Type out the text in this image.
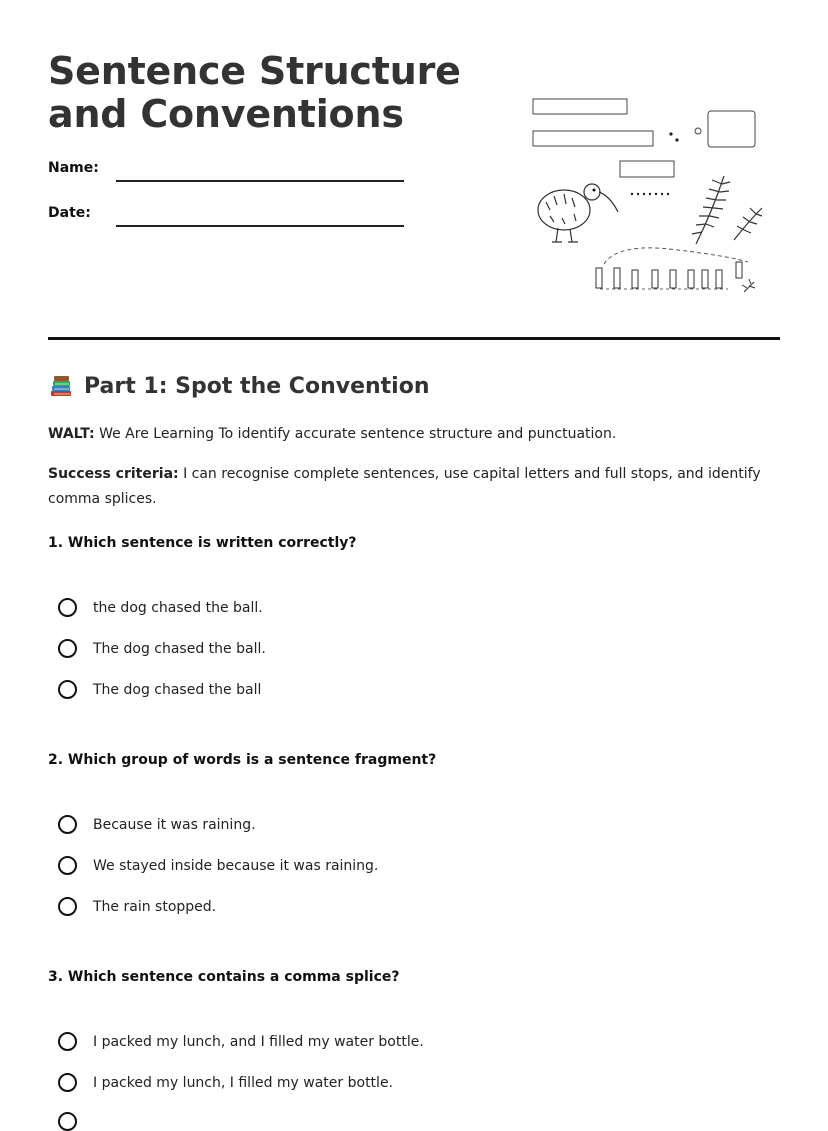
Sentence Structure and Conventions
Name:
Date:
Part 1: Spot the Convention
WALT: We Are Learning To identify accurate sentence structure and punctuation.
Success criteria: I can recognise complete sentences, use capital letters and full stops, and identify comma splices.
1. Which sentence is written correctly?
the dog chased the ball.
The dog chased the ball.
The dog chased the ball
2. Which group of words is a sentence fragment?
Because it was raining.
We stayed inside because it was raining.
The rain stopped.
3. Which sentence contains a comma splice?
I packed my lunch, and I filled my water bottle.
I packed my lunch, I filled my water bottle.
